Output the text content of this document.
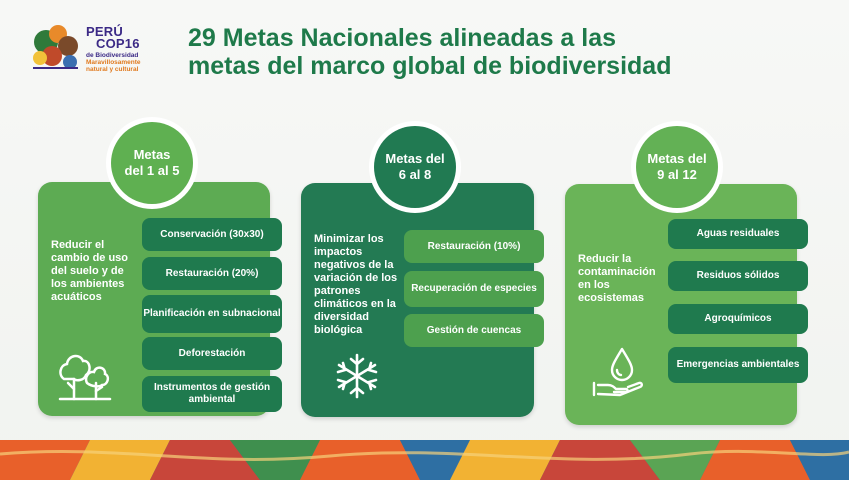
PERÚ
COP16
de Biodiversidad
Maravillosamente
natural y cultural
29 Metas Nacionales alineadas a las
metas del marco global de biodiversidad
Metas
del 1 al 5
Reducir el cambio de uso del suelo y de los ambientes acuáticos
Conservación (30x30)
Restauración (20%)
Planificación en subnacional
Deforestación
Instrumentos de gestión ambiental
Metas del
6 al 8
Minimizar los impactos negativos de la variación de los patrones climáticos en la diversidad biológica
Restauración (10%)
Recuperación de especies
Gestión de cuencas
Metas del
9 al 12
Reducir la contaminación en los ecosistemas
Aguas residuales
Residuos sólidos
Agroquímicos
Emergencias ambientales
